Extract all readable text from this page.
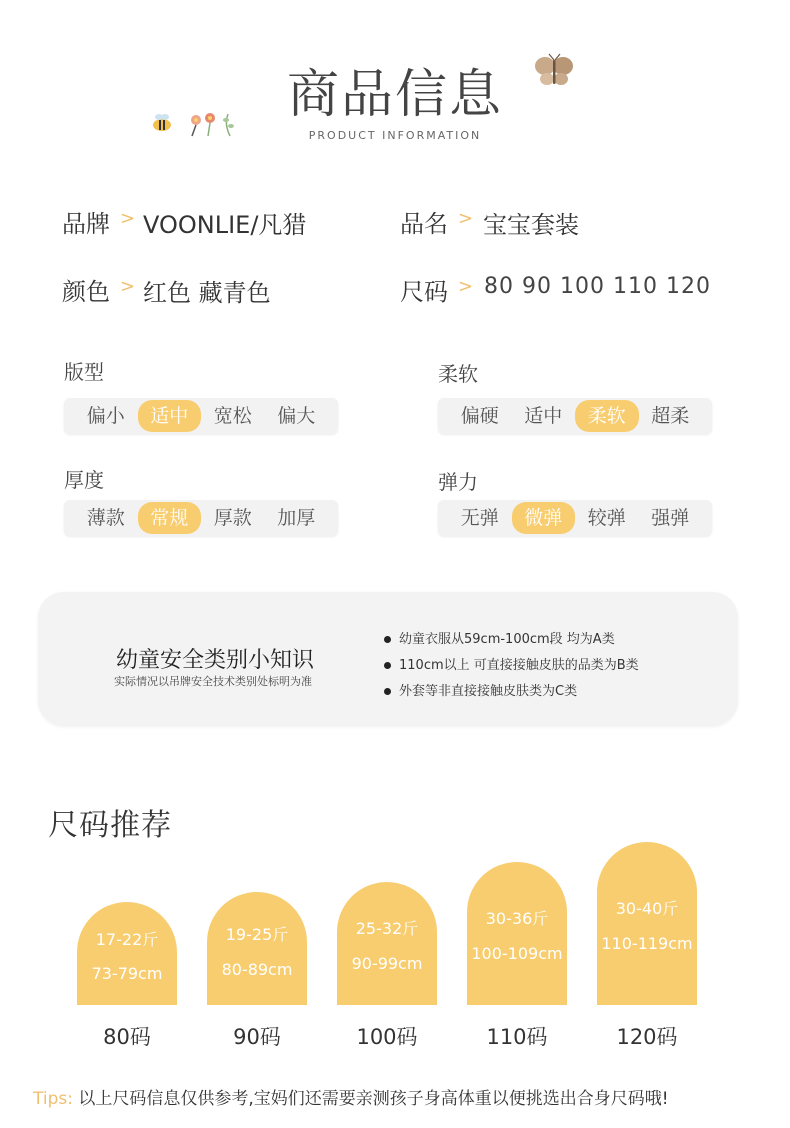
商品信息
PRODUCT INFORMATION
品牌 > VOONLIE/凡猎	品名 > 宝宝套装
颜色 > 红色 藏青色	尺码 > 80 90 100 110 120
版型
偏小	适中	宽松	偏大
柔软
偏硬	适中	柔软	超柔
厚度
薄款	常规	厚款	加厚
弹力
无弹	微弹	较弹	强弹
幼童安全类别小知识
实际情况以吊牌安全技术类别处标明为准
幼童衣服从59cm-100cm段 均为A类
110cm以上 可直接接触皮肤的品类为B类
外套等非直接接触皮肤类为C类
尺码推荐
17-22斤
73-79cm
19-25斤
80-89cm
25-32斤
90-99cm
30-36斤
100-109cm
30-40斤
110-119cm
80码	90码	100码	110码	120码
Tips: 以上尺码信息仅供参考,宝妈们还需要亲测孩子身高体重以便挑选出合身尺码哦!
